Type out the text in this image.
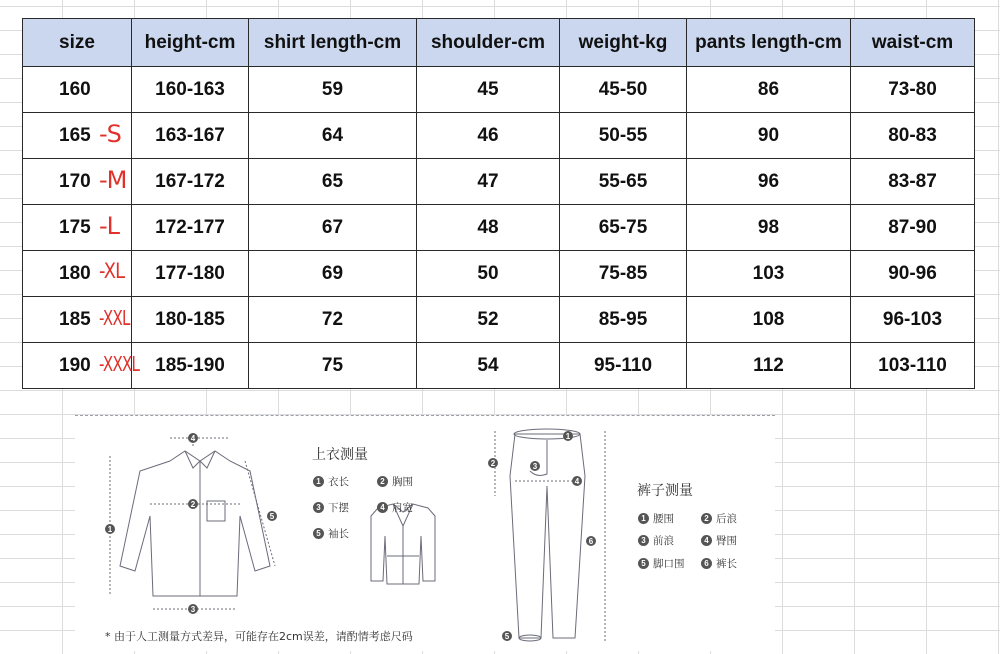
size	height-cm	shirt length-cm	shoulder-cm	weight-kg	pants length-cm	waist-cm
160	160-163	59	45	45-50	86	73-80
165 -S	163-167	64	46	50-55	90	80-83
170 -M	167-172	65	47	55-65	96	83-87
175 -L	172-177	67	48	65-75	98	87-90
180 -XL	177-180	69	50	75-85	103	90-96
185 -XXL	180-185	72	52	85-95	108	96-103
190 -XXXL	185-190	75	54	95-110	112	103-110
4
2
3
1
5
1
2	3
4
5
6
上衣测量
1 衣长	2 胸围
3 下摆	4 肩宽
5 袖长
裤子测量
1 腰围	2 后浪
3 前浪	4 臀围
5 脚口围	6 裤长
* 由于人工测量方式差异，可能存在2cm误差，请酌情考虑尺码
